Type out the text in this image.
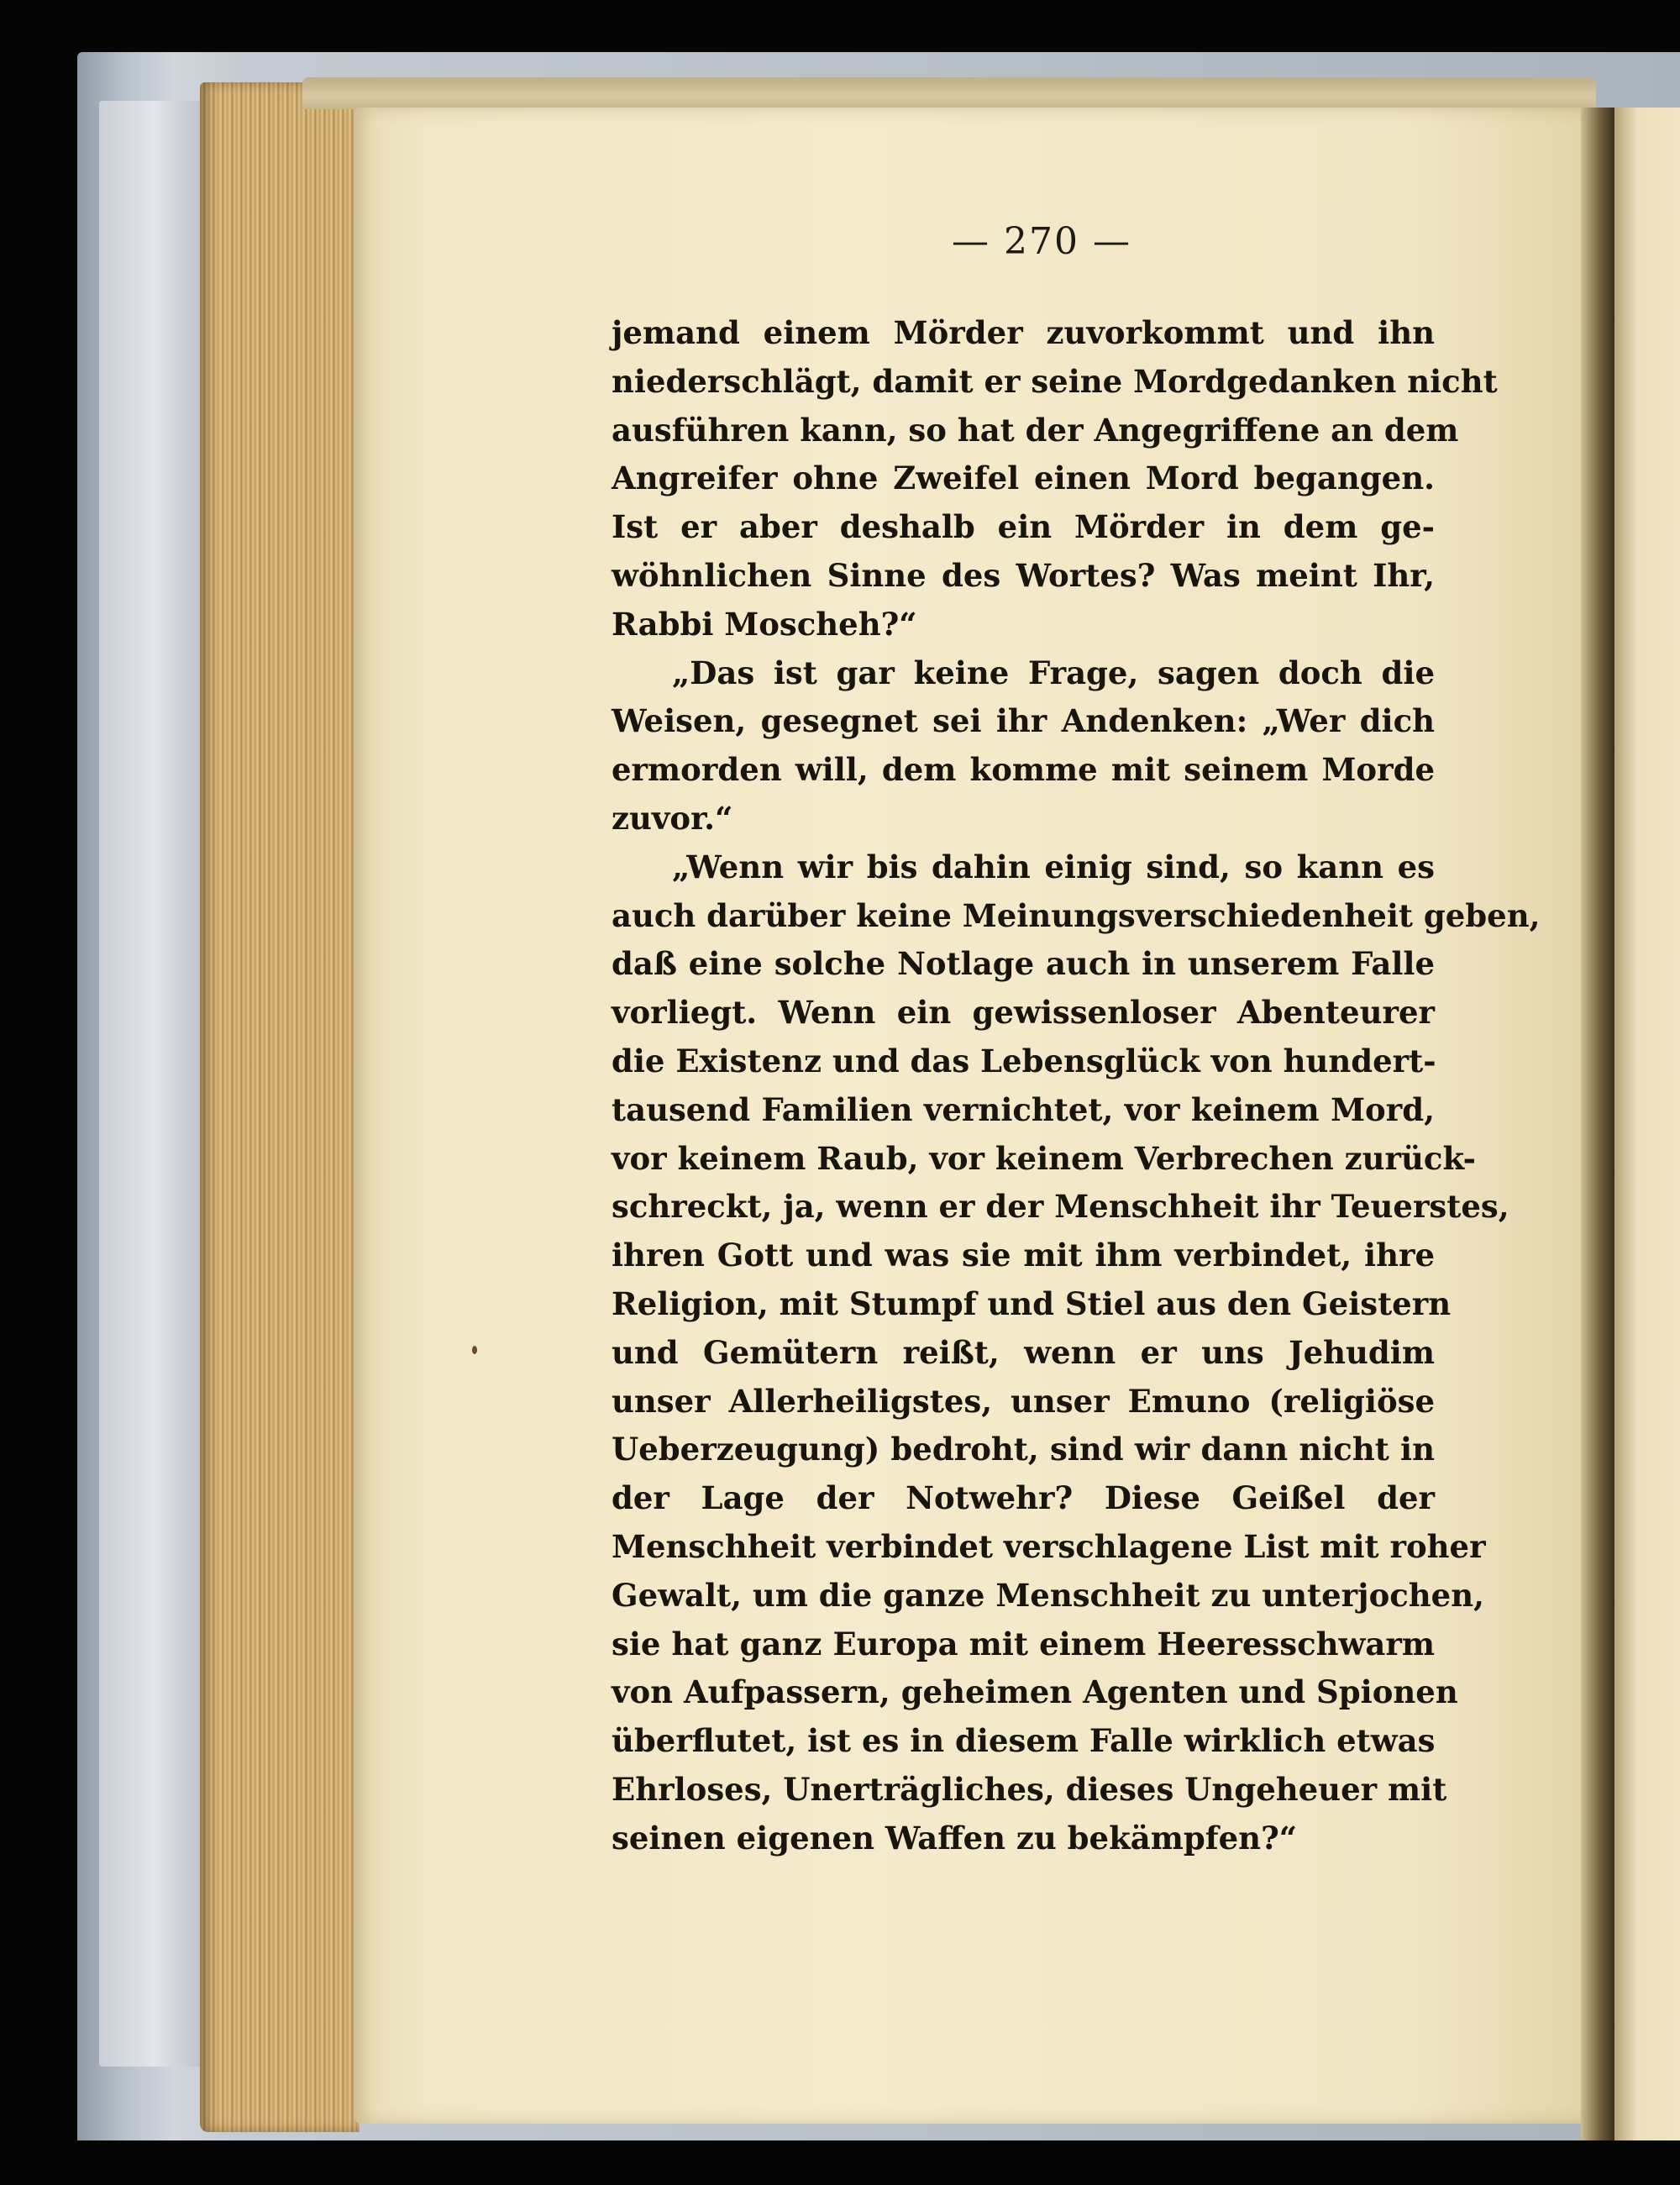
— 270 —
jemand einem Mörder zuvorkommt und ihn
niederschlägt, damit er seine Mordgedanken nicht
ausführen kann, so hat der Angegriffene an dem
Angreifer ohne Zweifel einen Mord begangen.
Ist er aber deshalb ein Mörder in dem ge-
wöhnlichen Sinne des Wortes? Was meint Ihr,
Rabbi Moscheh?“
„Das ist gar keine Frage, sagen doch die
Weisen, gesegnet sei ihr Andenken: „Wer dich
ermorden will, dem komme mit seinem Morde
zuvor.“
„Wenn wir bis dahin einig sind, so kann es
auch darüber keine Meinungsverschiedenheit geben,
daß eine solche Notlage auch in unserem Falle
vorliegt. Wenn ein gewissenloser Abenteurer
die Existenz und das Lebensglück von hundert-
tausend Familien vernichtet, vor keinem Mord,
vor keinem Raub, vor keinem Verbrechen zurück-
schreckt, ja, wenn er der Menschheit ihr Teuerstes,
ihren Gott und was sie mit ihm verbindet, ihre
Religion, mit Stumpf und Stiel aus den Geistern
und Gemütern reißt, wenn er uns Jehudim
unser Allerheiligstes, unser Emuno (religiöse
Ueberzeugung) bedroht, sind wir dann nicht in
der Lage der Notwehr? Diese Geißel der
Menschheit verbindet verschlagene List mit roher
Gewalt, um die ganze Menschheit zu unterjochen,
sie hat ganz Europa mit einem Heeresschwarm
von Aufpassern, geheimen Agenten und Spionen
überflutet, ist es in diesem Falle wirklich etwas
Ehrloses, Unerträgliches, dieses Ungeheuer mit
seinen eigenen Waffen zu bekämpfen?“
